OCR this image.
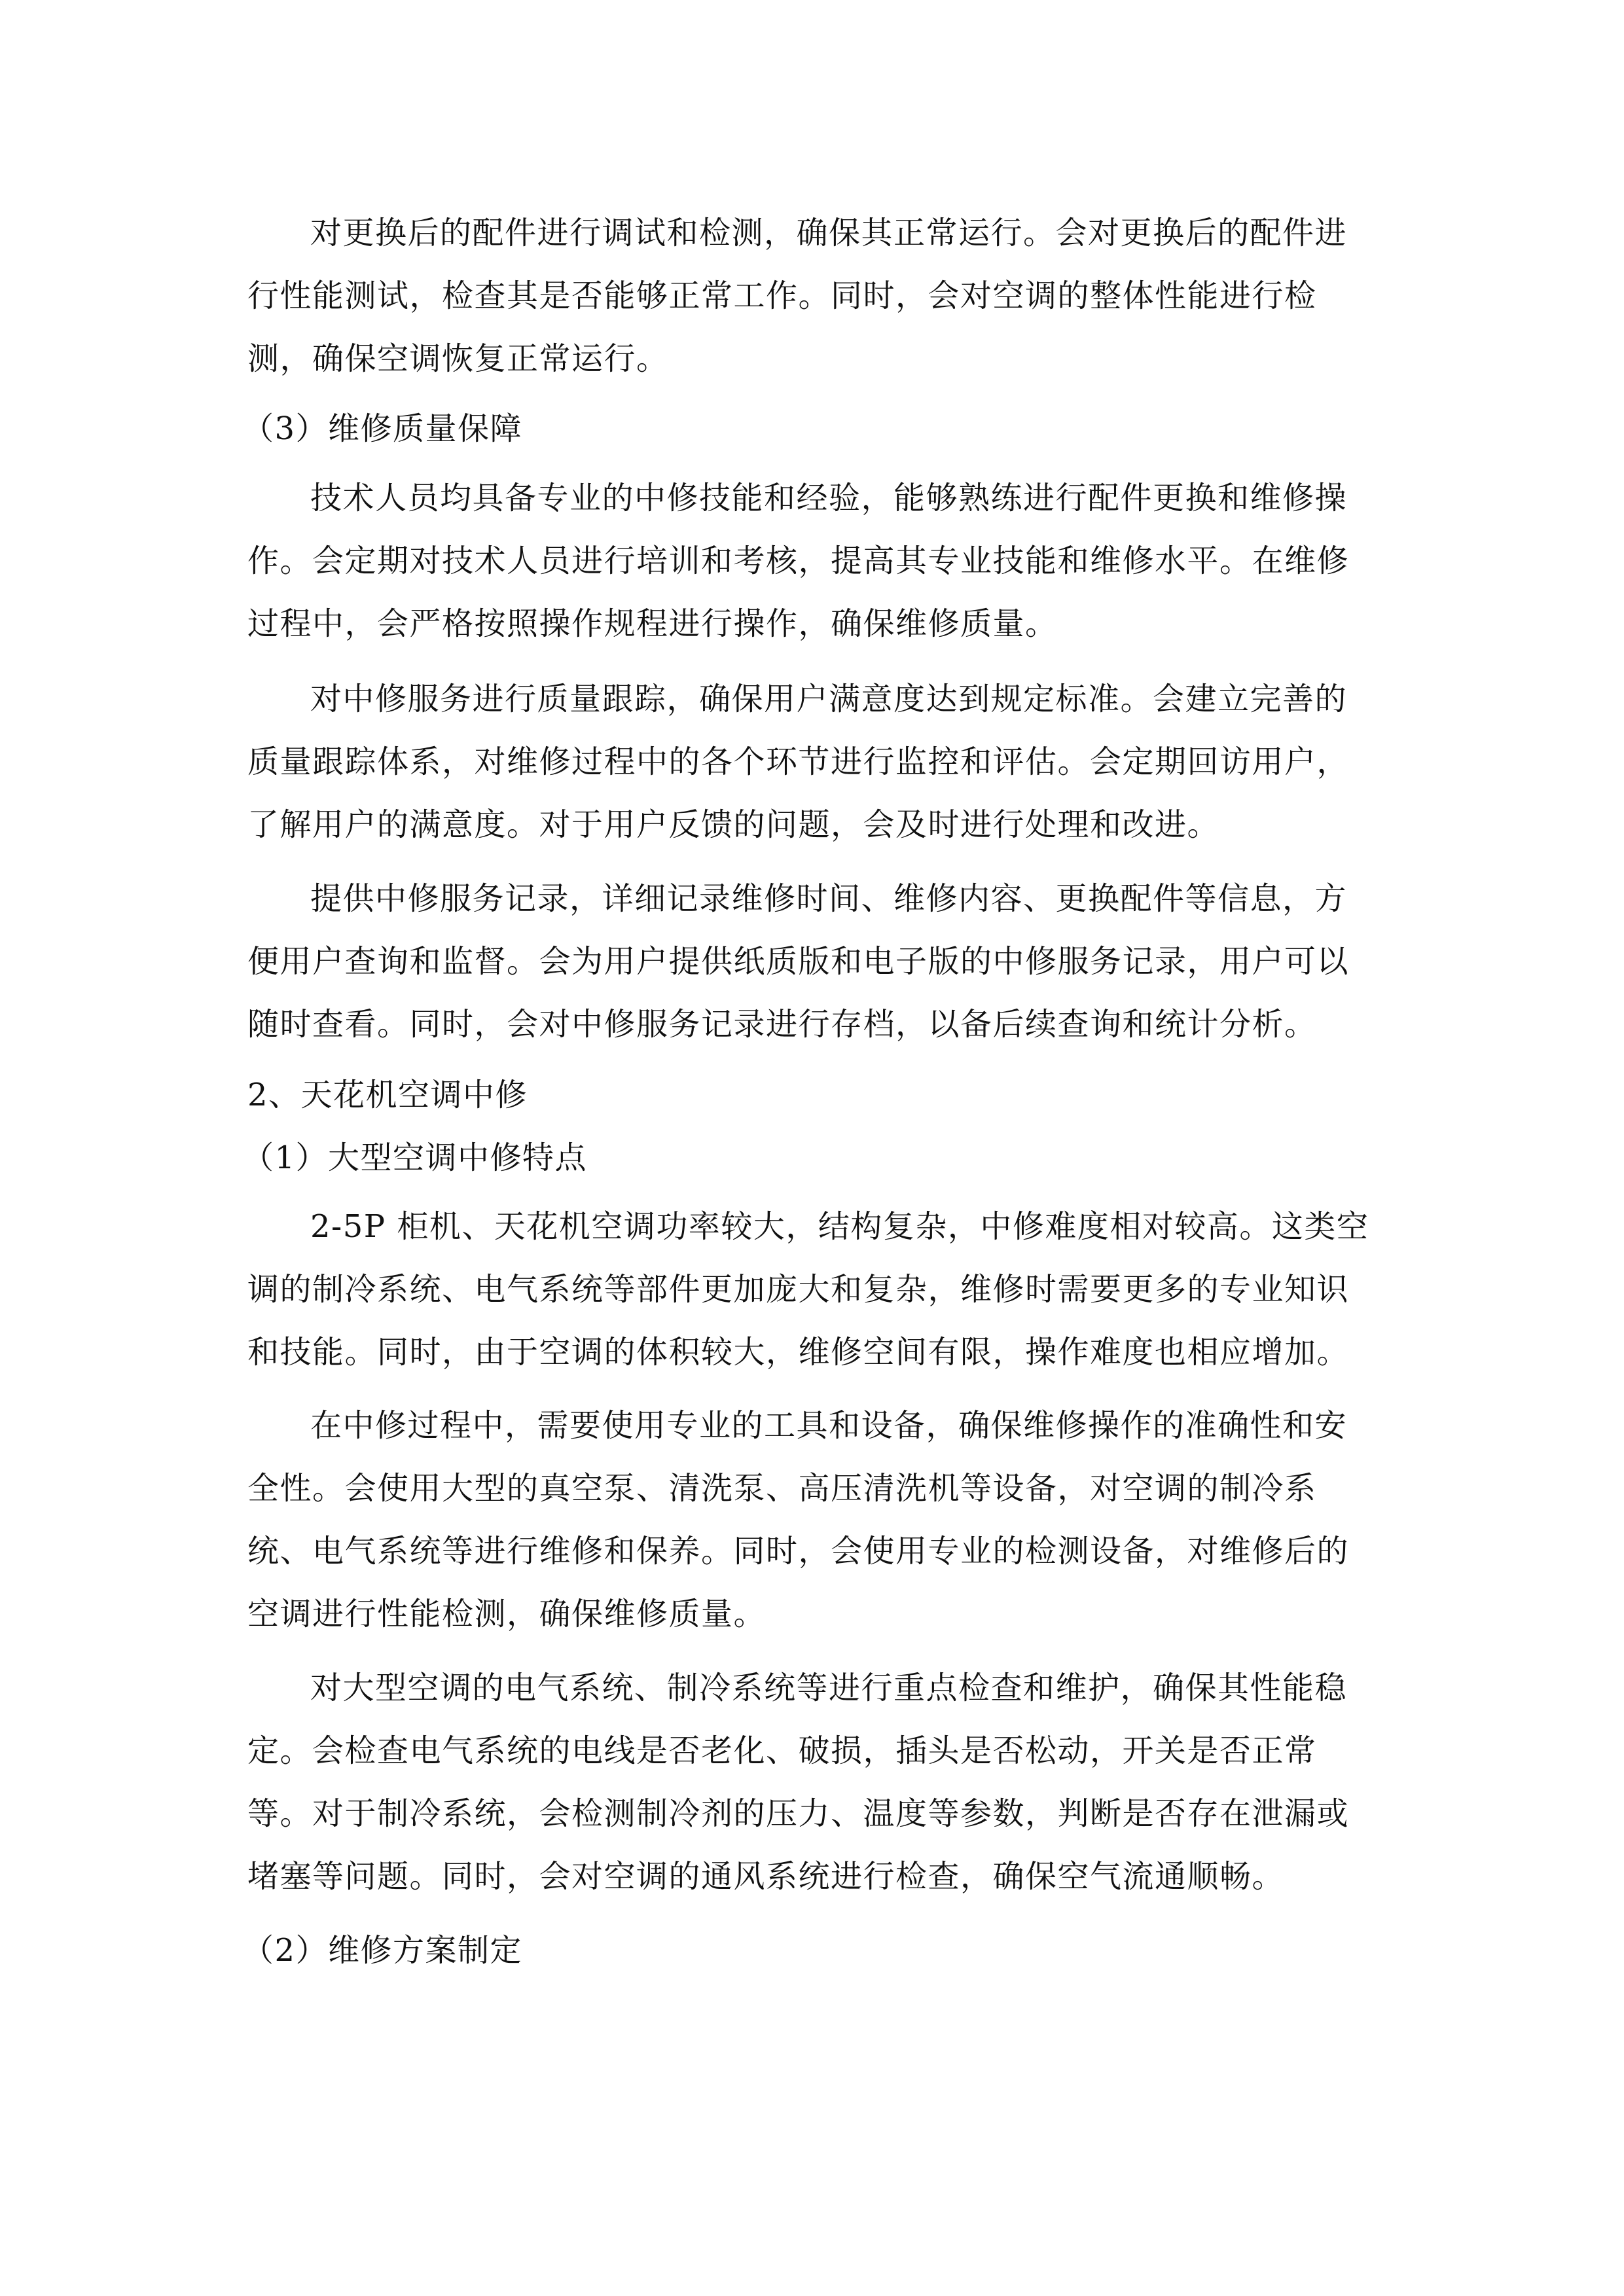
对更换后的配件进行调试和检测，确保其正常运行。会对更换后的配件进
行性能测试，检查其是否能够正常工作。同时，会对空调的整体性能进行检
测，确保空调恢复正常运行。
（3）维修质量保障
技术人员均具备专业的中修技能和经验，能够熟练进行配件更换和维修操
作。会定期对技术人员进行培训和考核，提高其专业技能和维修水平。在维修
过程中，会严格按照操作规程进行操作，确保维修质量。
对中修服务进行质量跟踪，确保用户满意度达到规定标准。会建立完善的
质量跟踪体系，对维修过程中的各个环节进行监控和评估。会定期回访用户，
了解用户的满意度。对于用户反馈的问题，会及时进行处理和改进。
提供中修服务记录，详细记录维修时间、维修内容、更换配件等信息，方
便用户查询和监督。会为用户提供纸质版和电子版的中修服务记录，用户可以
随时查看。同时，会对中修服务记录进行存档，以备后续查询和统计分析。
2、天花机空调中修
（1）大型空调中修特点
2-5P 柜机、天花机空调功率较大，结构复杂，中修难度相对较高。这类空
调的制冷系统、电气系统等部件更加庞大和复杂，维修时需要更多的专业知识
和技能。同时，由于空调的体积较大，维修空间有限，操作难度也相应增加。
在中修过程中，需要使用专业的工具和设备，确保维修操作的准确性和安
全性。会使用大型的真空泵、清洗泵、高压清洗机等设备，对空调的制冷系
统、电气系统等进行维修和保养。同时，会使用专业的检测设备，对维修后的
空调进行性能检测，确保维修质量。
对大型空调的电气系统、制冷系统等进行重点检查和维护，确保其性能稳
定。会检查电气系统的电线是否老化、破损，插头是否松动，开关是否正常
等。对于制冷系统，会检测制冷剂的压力、温度等参数，判断是否存在泄漏或
堵塞等问题。同时，会对空调的通风系统进行检查，确保空气流通顺畅。
（2）维修方案制定
